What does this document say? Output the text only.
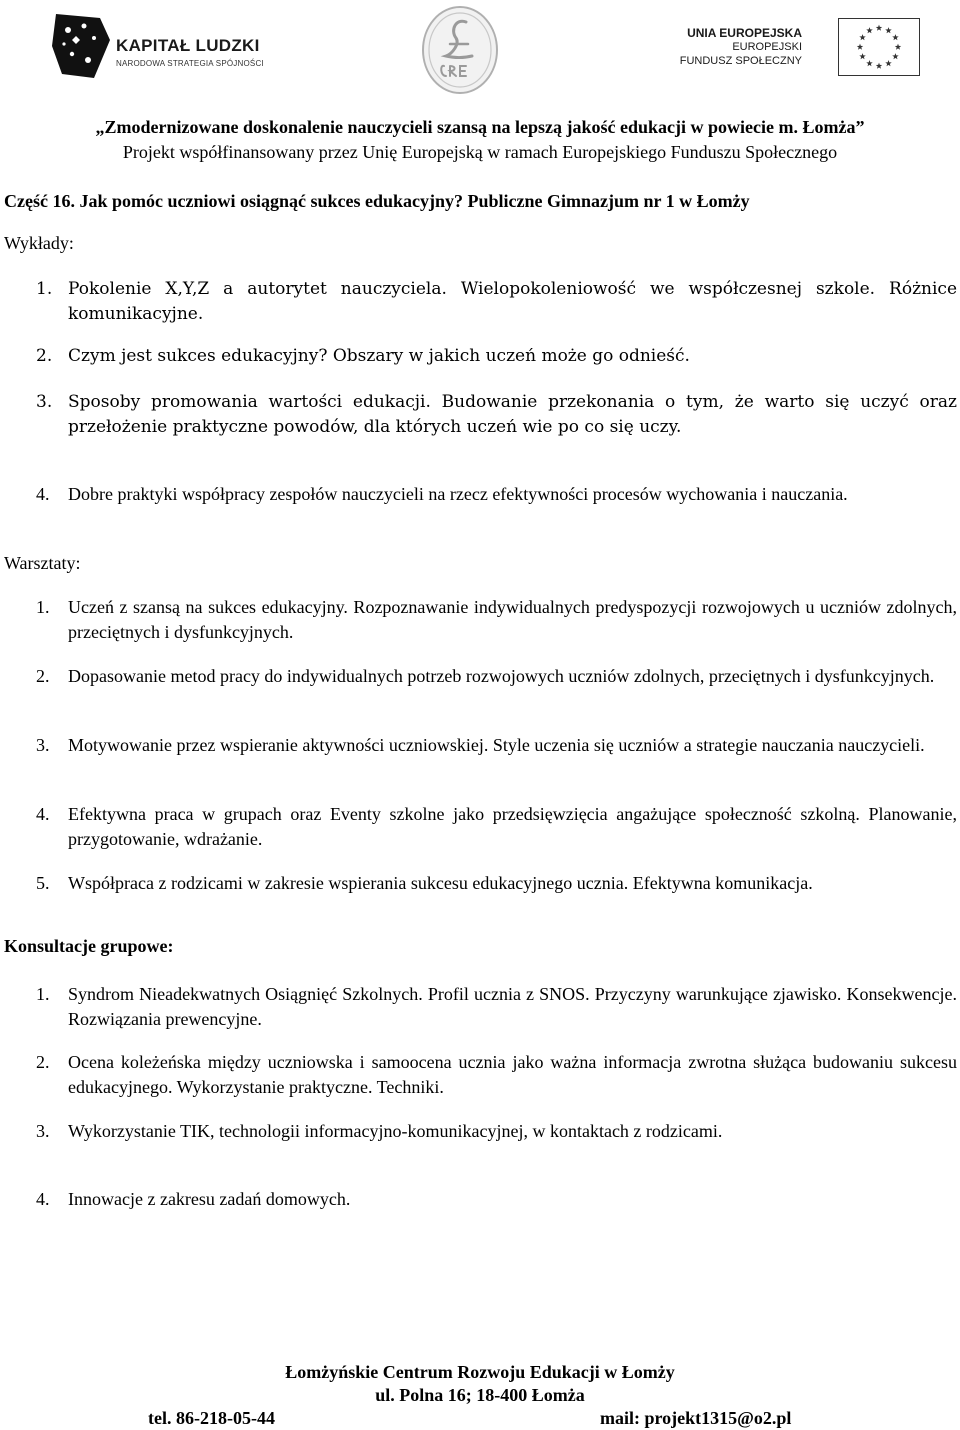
KAPITAŁ LUDZKI
NARODOWA STRATEGIA SPÓJNOŚCI
UNIA EUROPEJSKA
EUROPEJSKI
FUNDUSZ SPOŁECZNY
„Zmodernizowane doskonalenie nauczycieli szansą na lepszą jakość edukacji w powiecie m. Łomża”
Projekt współfinansowany przez Unię Europejską w ramach Europejskiego Funduszu Społecznego
Część 16. Jak pomóc uczniowi osiągnąć sukces edukacyjny? Publiczne Gimnazjum nr 1 w Łomży
Wykłady:
1. Pokolenie X,Y,Z a autorytet nauczyciela. Wielopokoleniowość we współczesnej szkole. Różnice komunikacyjne.
2. Czym jest sukces edukacyjny? Obszary w jakich uczeń może go odnieść.
3. Sposoby promowania wartości edukacji. Budowanie przekonania o tym, że warto się uczyć oraz przełożenie praktyczne powodów, dla których uczeń wie po co się uczy.
4. Dobre praktyki współpracy zespołów nauczycieli na rzecz efektywności procesów wychowania i nauczania.
Warsztaty:
1. Uczeń z szansą na sukces edukacyjny. Rozpoznawanie indywidualnych predyspozycji rozwojowych u uczniów zdolnych, przeciętnych i dysfunkcyjnych.
2. Dopasowanie metod pracy do indywidualnych potrzeb rozwojowych uczniów zdolnych, przeciętnych i dysfunkcyjnych.
3. Motywowanie przez wspieranie aktywności uczniowskiej. Style uczenia się uczniów a strategie nauczania nauczycieli.
4. Efektywna praca w grupach oraz Eventy szkolne jako przedsięwzięcia angażujące społeczność szkolną. Planowanie, przygotowanie, wdrażanie.
5. Współpraca z rodzicami w zakresie wspierania sukcesu edukacyjnego ucznia. Efektywna komunikacja.
Konsultacje grupowe:
1. Syndrom Nieadekwatnych Osiągnięć Szkolnych. Profil ucznia z SNOS. Przyczyny warunkujące zjawisko. Konsekwencje. Rozwiązania prewencyjne.
2. Ocena koleżeńska między uczniowska i samoocena ucznia jako ważna informacja zwrotna służąca budowaniu sukcesu edukacyjnego. Wykorzystanie praktyczne. Techniki.
3. Wykorzystanie TIK, technologii informacyjno-komunikacyjnej, w kontaktach z rodzicami.
4. Innowacje z zakresu zadań domowych.
Łomżyńskie Centrum Rozwoju Edukacji w Łomży
ul. Polna 16; 18-400 Łomża
tel. 86-218-05-44	mail: projekt1315@o2.pl
